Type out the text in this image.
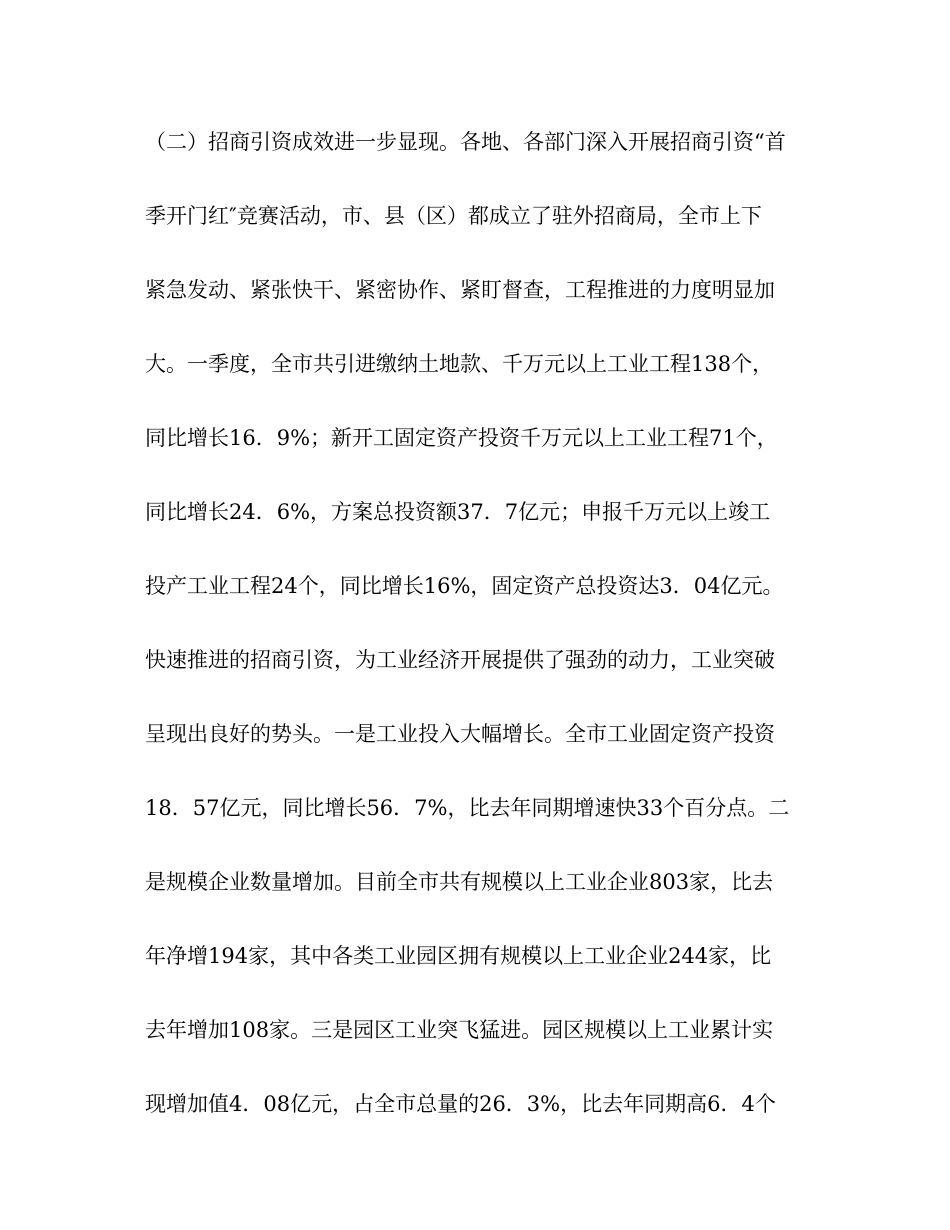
（二）招商引资成效进一步显现。各地、各部门深入开展招商引资“首
季开门红″竞赛活动，市、县（区）都成立了驻外招商局，全市上下
紧急发动、紧张快干、紧密协作、紧盯督查，工程推进的力度明显加
大。一季度，全市共引进缴纳土地款、千万元以上工业工程138个，
同比增长16．9%；新开工固定资产投资千万元以上工业工程71个，
同比增长24．6%，方案总投资额37．7亿元；申报千万元以上竣工
投产工业工程24个，同比增长16%，固定资产总投资达3．04亿元。
快速推进的招商引资，为工业经济开展提供了强劲的动力，工业突破
呈现出良好的势头。一是工业投入大幅增长。全市工业固定资产投资
18．57亿元，同比增长56．7%，比去年同期增速快33个百分点。二
是规模企业数量增加。目前全市共有规模以上工业企业803家，比去
年净增194家，其中各类工业园区拥有规模以上工业企业244家，比
去年增加108家。三是园区工业突飞猛进。园区规模以上工业累计实
现增加值4．08亿元，占全市总量的26．3%，比去年同期高6．4个
